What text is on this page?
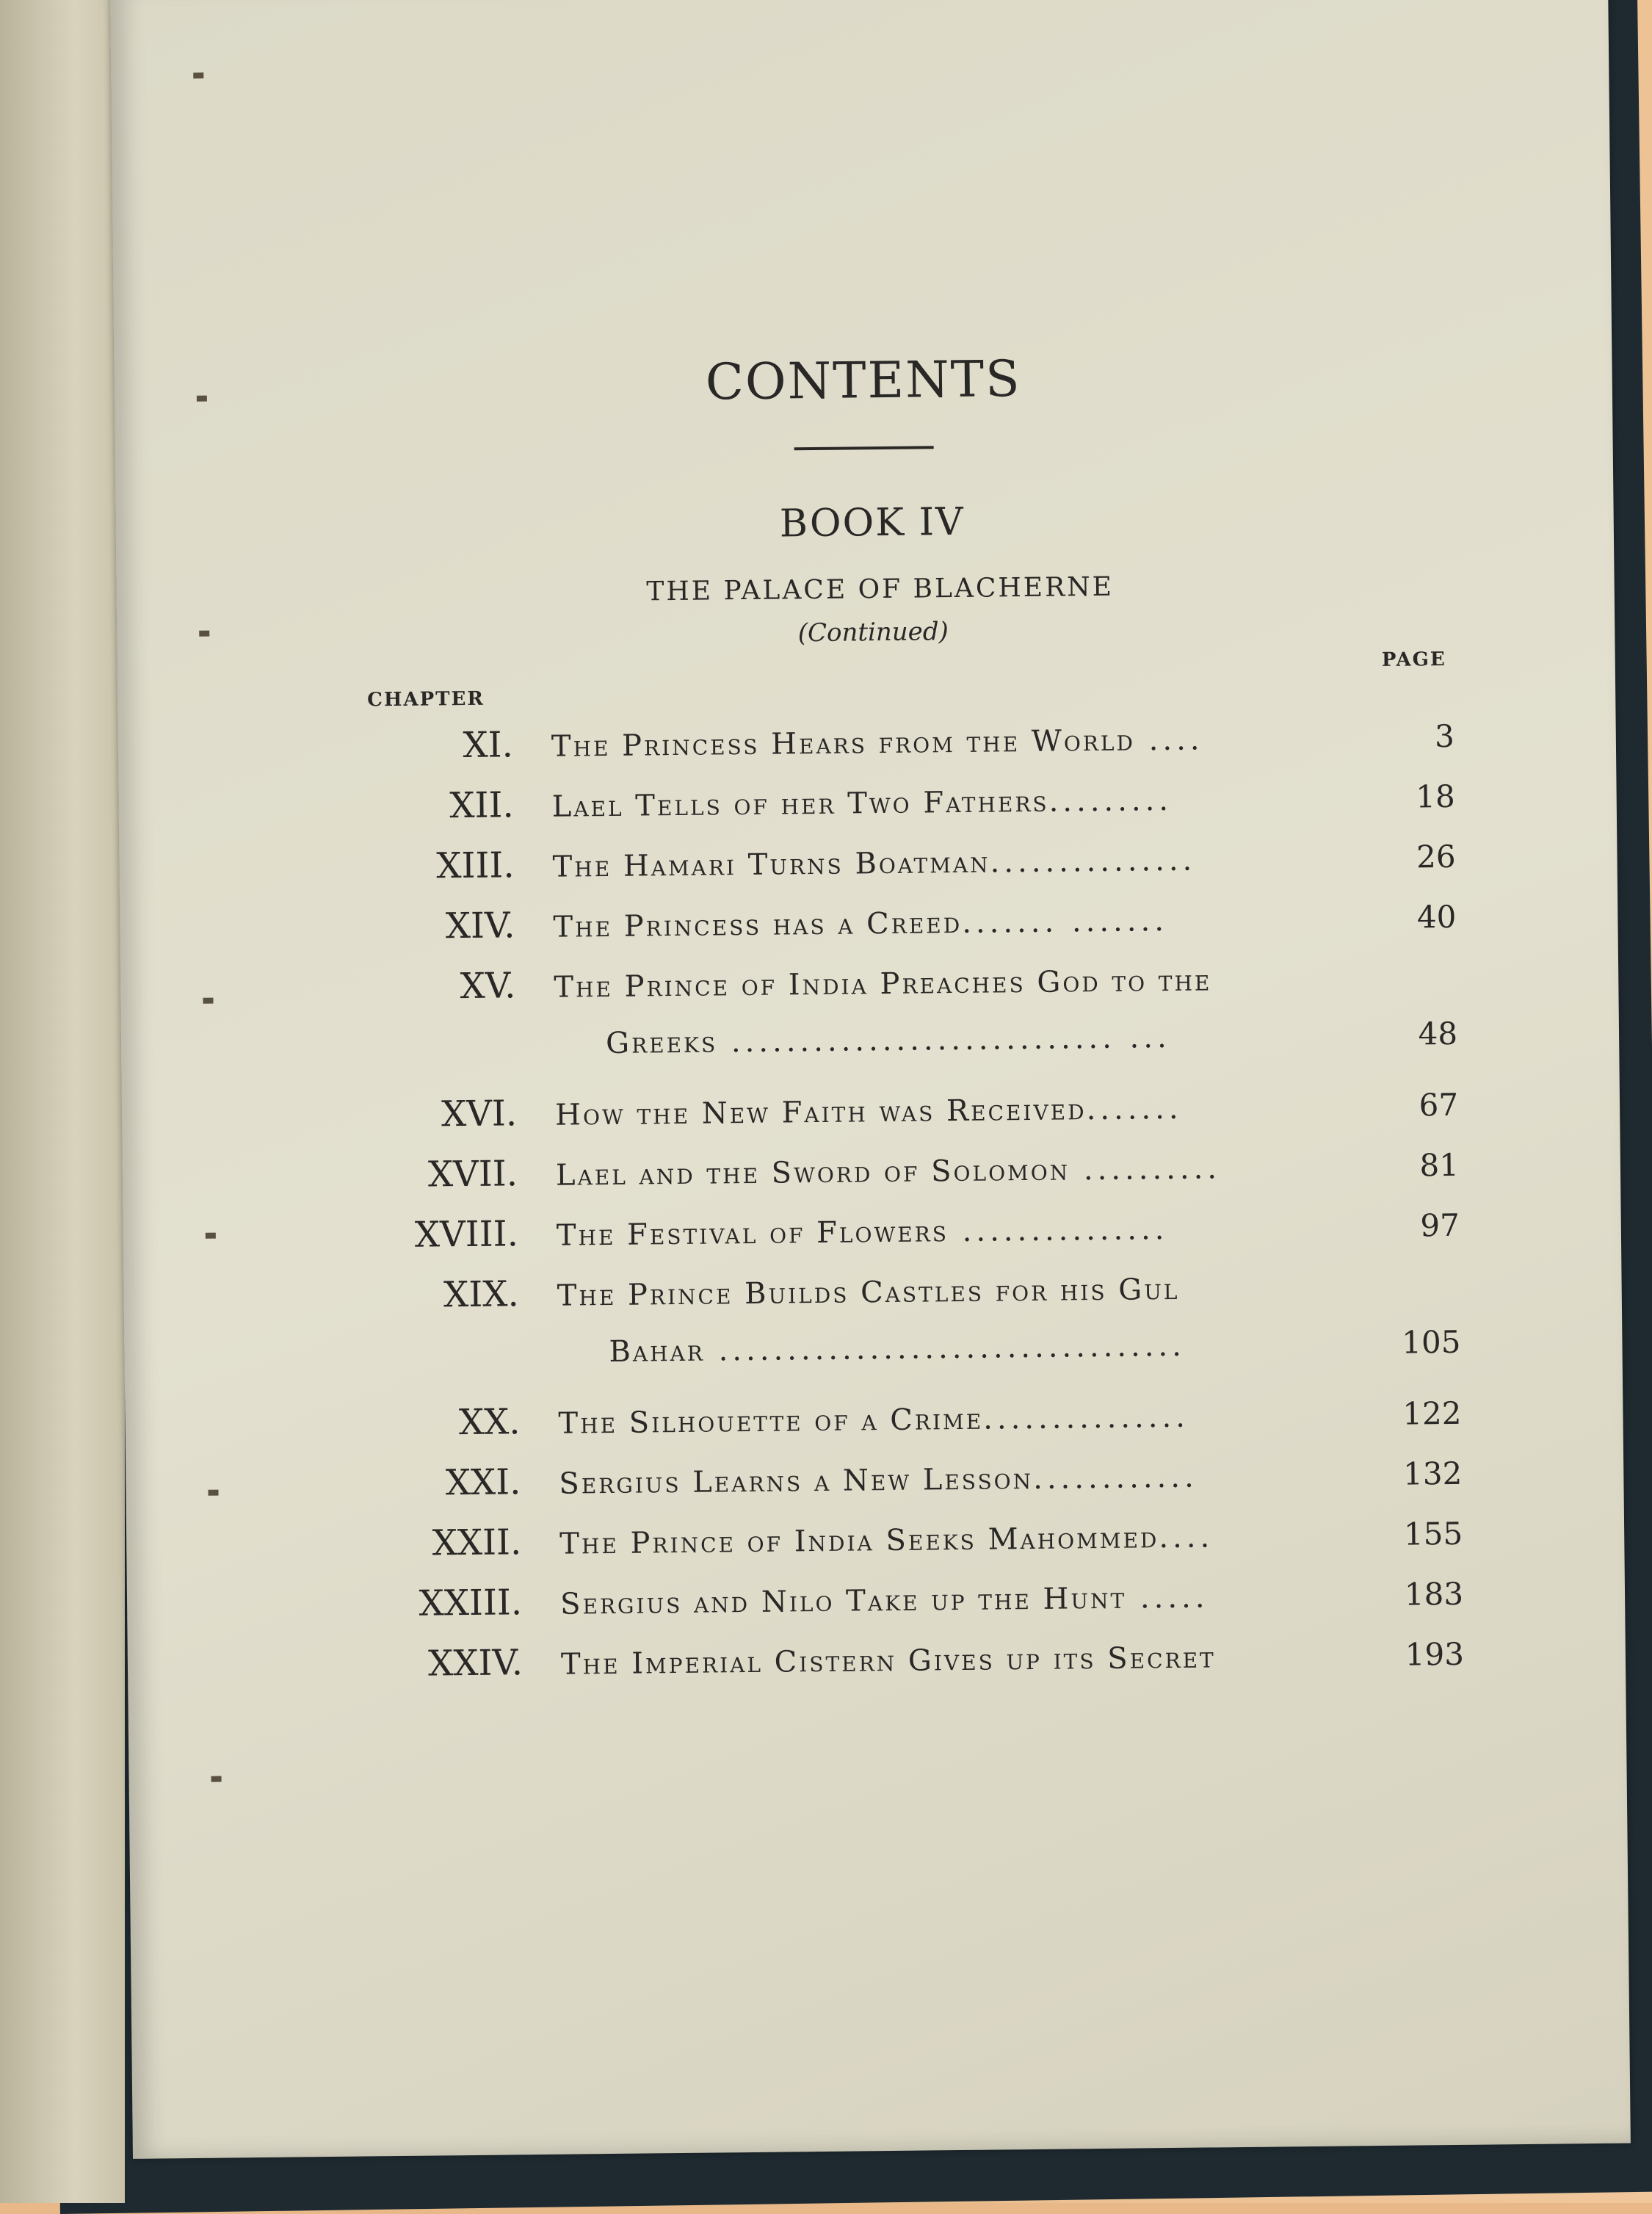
CONTENTS
BOOK IV
THE PALACE OF BLACHERNE
(Continued)
CHAPTER
PAGE
XI.	The Princess Hears from the World ....	3
XII.	Lael Tells of her Two Fathers.........	18
XIII.	The Hamari Turns Boatman...............	26
XIV.	The Princess has a Creed....... .......	40
XV.	The Prince of India Preaches God to the
Greeks ............................ ...	48
XVI.	How the New Faith was Received.......	67
XVII.	Lael and the Sword of Solomon ..........	81
XVIII.	The Festival of Flowers ...............	97
XIX.	The Prince Builds Castles for his Gul
Bahar ..................................	105
XX.	The Silhouette of a Crime...............	122
XXI.	Sergius Learns a New Lesson............	132
XXII.	The Prince of India Seeks Mahommed....	155
XXIII.	Sergius and Nilo Take up the Hunt .....	183
XXIV.	The Imperial Cistern Gives up its Secret	193
